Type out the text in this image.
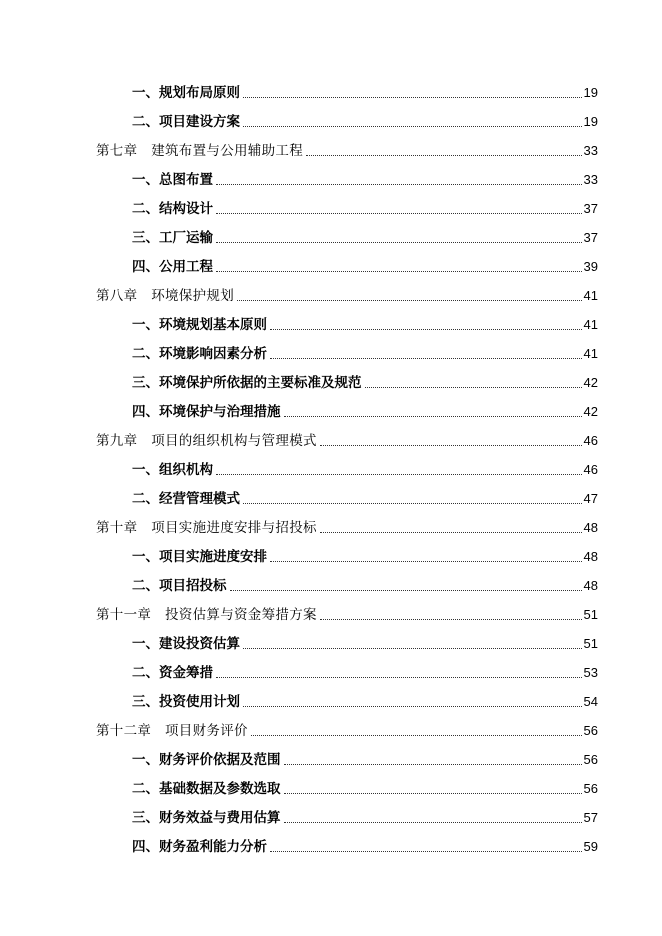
一、规划布局原则	19
二、项目建设方案	19
第七章　建筑布置与公用辅助工程	33
一、总图布置	33
二、结构设计	37
三、工厂运输	37
四、公用工程	39
第八章　环境保护规划	41
一、环境规划基本原则	41
二、环境影响因素分析	41
三、环境保护所依据的主要标准及规范	42
四、环境保护与治理措施	42
第九章　项目的组织机构与管理模式	46
一、组织机构	46
二、经营管理模式	47
第十章　项目实施进度安排与招投标	48
一、项目实施进度安排	48
二、项目招投标	48
第十一章　投资估算与资金筹措方案	51
一、建设投资估算	51
二、资金筹措	53
三、投资使用计划	54
第十二章　项目财务评价	56
一、财务评价依据及范围	56
二、基础数据及参数选取	56
三、财务效益与费用估算	57
四、财务盈利能力分析	59
